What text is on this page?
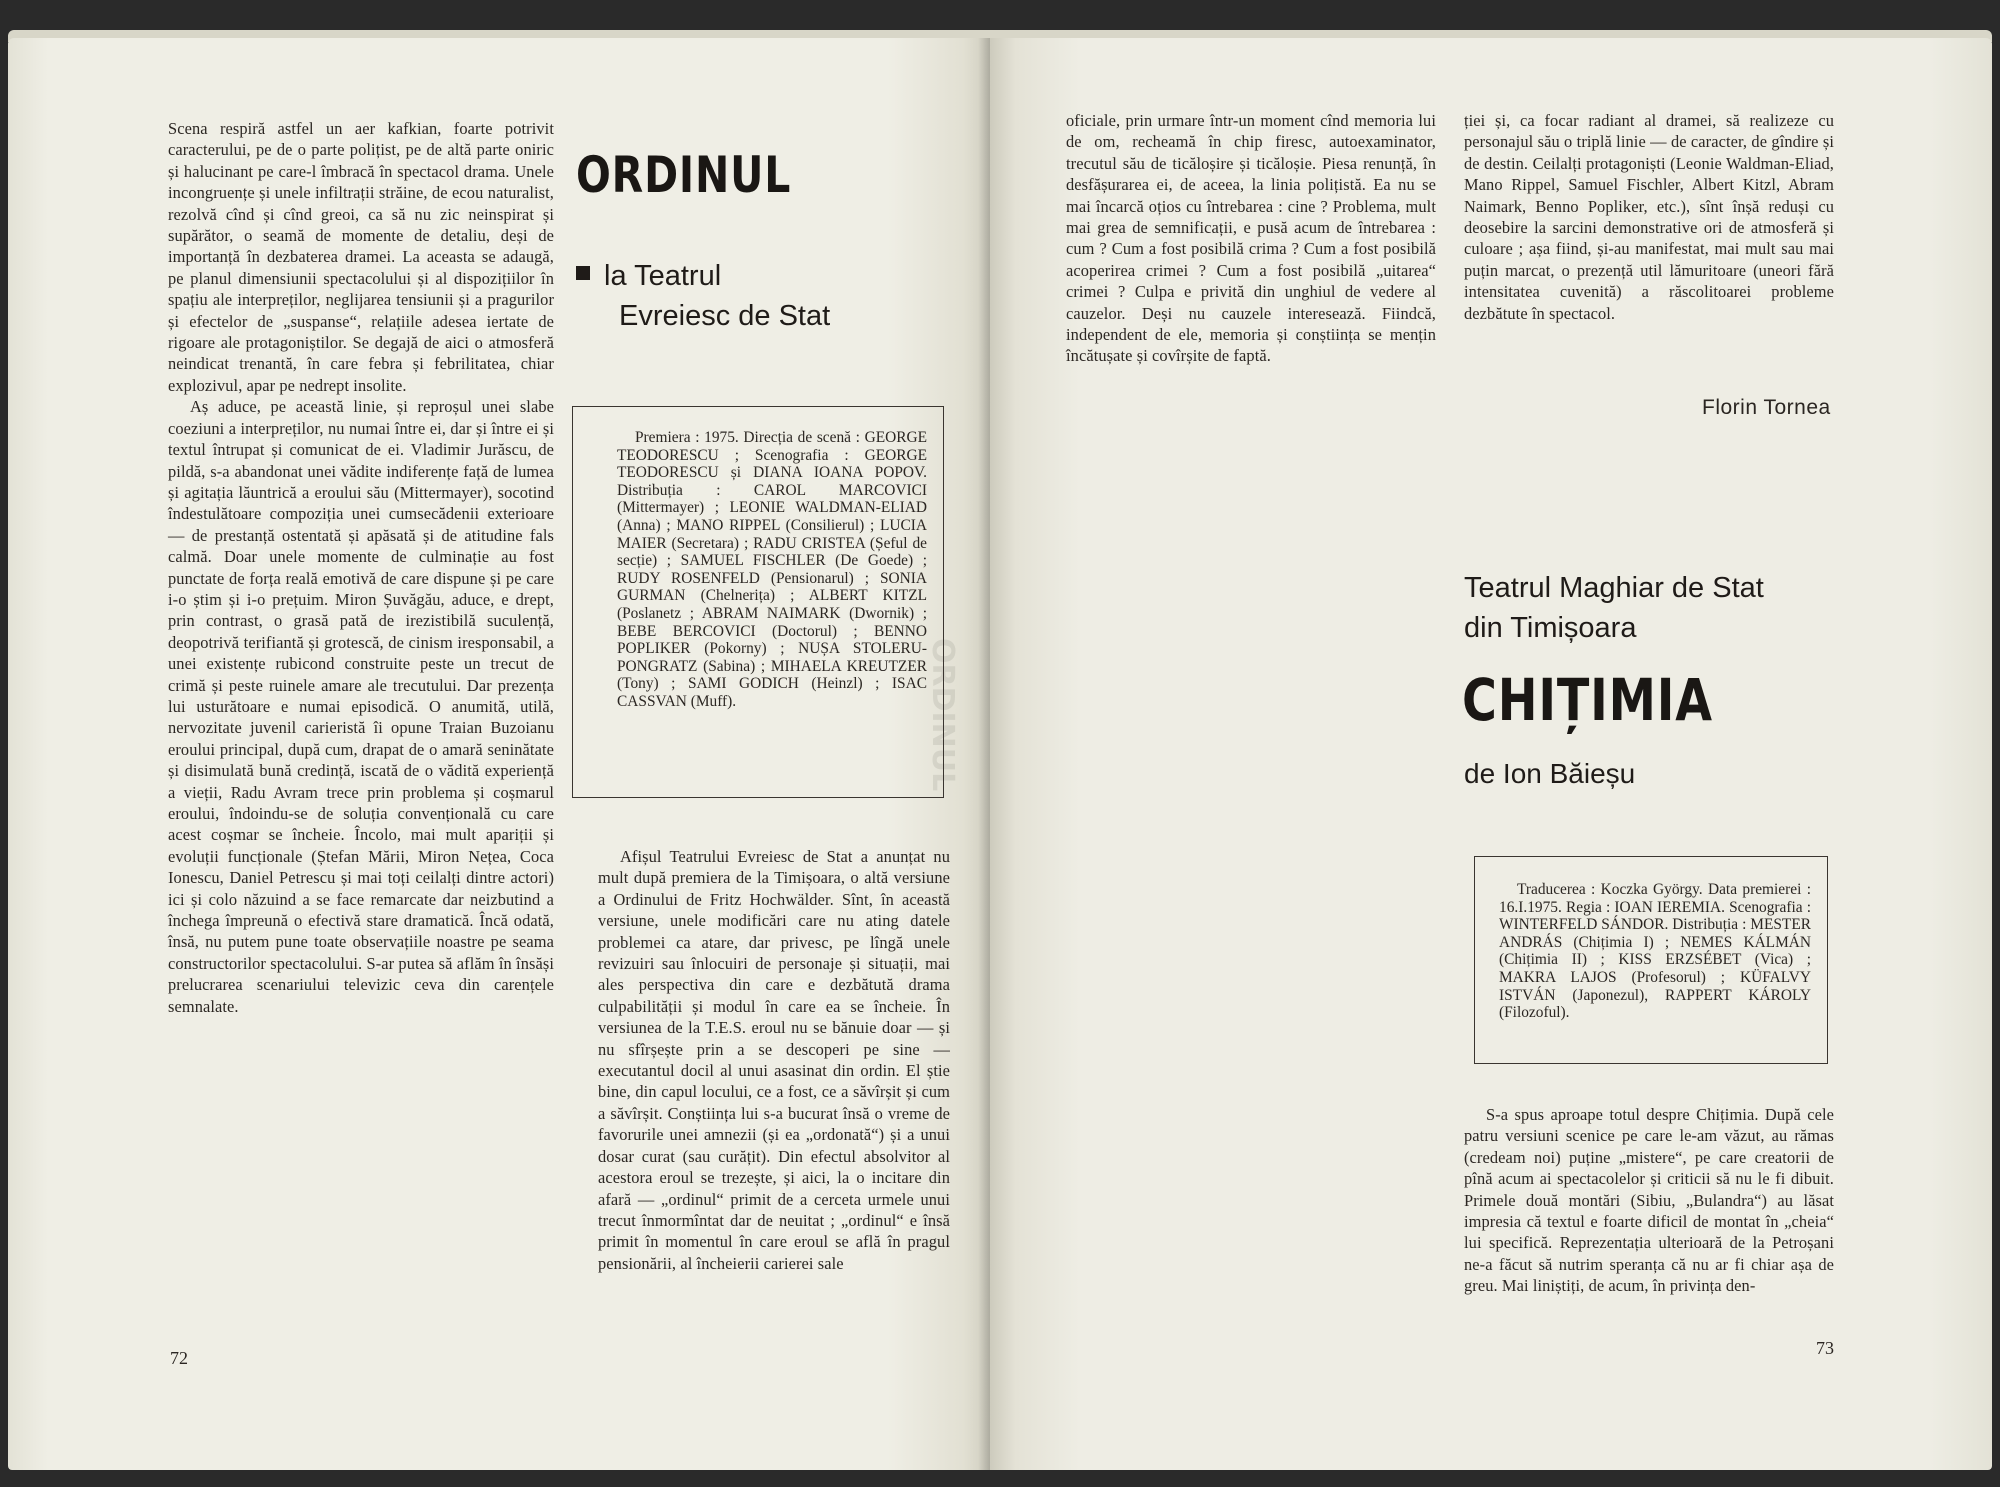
Scena respiră astfel un aer kafkian, foarte potrivit caracterului, pe de o parte polițist, pe de altă parte oniric și halucinant pe care-l îmbracă în spectacol drama. Unele incongruențe și unele infiltrații străine, de ecou naturalist, rezolvă cînd și cînd greoi, ca să nu zic neinspirat și supărător, o seamă de momente de detaliu, deși de importanță în dezbaterea dramei. La aceasta se adaugă, pe planul dimensiunii spectacolului și al dispozițiilor în spațiu ale interpreților, neglijarea tensiunii și a pragurilor și efectelor de „suspanse“, relațiile adesea iertate de rigoare ale protagoniștilor. Se degajă de aici o atmosferă neindicat trenantă, în care febra și febrilitatea, chiar explozivul, apar pe nedrept insolite.

Aș aduce, pe această linie, și reproșul unei slabe coeziuni a interpreților, nu numai între ei, dar și între ei și textul întrupat și comunicat de ei. Vladimir Jurăscu, de pildă, s-a abandonat unei vădite indiferențe față de lumea și agitația lăuntrică a eroului său (Mittermayer), socotind îndestulătoare compoziția unei cumsecădenii exterioare — de prestanță ostentată și apăsată și de atitudine fals calmă. Doar unele momente de culminație au fost punctate de forța reală emotivă de care dispune și pe care i-o știm și i-o prețuim. Miron Șuvăgău, aduce, e drept, prin contrast, o grasă pată de irezistibilă suculență, deopotrivă terifiantă și grotescă, de cinism iresponsabil, a unei existențe rubicond construite peste un trecut de crimă și peste ruinele amare ale trecutului. Dar prezența lui usturătoare e numai episodică. O anumită, utilă, nervozitate juvenil carieristă îi opune Traian Buzoianu eroului principal, după cum, drapat de o amară seninătate și disimulată bună credință, iscată de o vădită experiență a vieții, Radu Avram trece prin problema și coșmarul eroului, îndoindu-se de soluția convențională cu care acest coșmar se încheie. Încolo, mai mult apariții și evoluții funcționale (Ștefan Mării, Miron Nețea, Coca Ionescu, Daniel Petrescu și mai toți ceilalți dintre actori) ici și colo năzuind a se face remarcate dar neizbutind a închega împreună o efectivă stare dramatică. Încă odată, însă, nu putem pune toate observațiile noastre pe seama constructorilor spectacolului. S-ar putea să aflăm în însăși prelucrarea scenariului televizic ceva din carențele semnalate.

ORDINUL
la Teatrul
Evreiesc de Stat

Premiera : 1975. Direcția de scenă : GEORGE TEODORESCU ; Scenografia : GEORGE TEODORESCU și DIANA IOANA POPOV. Distribuția : CAROL MARCOVICI (Mittermayer) ; LEONIE WALDMAN-ELIAD (Anna) ; MANO RIPPEL (Consilierul) ; LUCIA MAIER (Secretara) ; RADU CRISTEA (Șeful de secție) ; SAMUEL FISCHLER (De Goede) ; RUDY ROSENFELD (Pensionarul) ; SONIA GURMAN (Chelnerița) ; ALBERT KITZL (Poslanetz ; ABRAM NAIMARK (Dwornik) ; BEBE BERCOVICI (Doctorul) ; BENNO POPLIKER (Pokorny) ; NUȘA STOLERU-PONGRATZ (Sabina) ; MIHAELA KREUTZER (Tony) ; SAMI GODICH (Heinzl) ; ISAC CASSVAN (Muff).	ORDINUL

Afișul Teatrului Evreiesc de Stat a anunțat nu mult după premiera de la Timișoara, o altă versiune a Ordinului de Fritz Hochwälder. Sînt, în această versiune, unele modificări care nu ating datele problemei ca atare, dar privesc, pe lîngă unele revizuiri sau înlocuiri de personaje și situații, mai ales perspectiva din care e dezbătută drama culpabilității și modul în care ea se încheie. În versiunea de la T.E.S. eroul nu se bănuie doar — și nu sfîrșește prin a se descoperi pe sine — executantul docil al unui asasinat din ordin. El știe bine, din capul locului, ce a fost, ce a săvîrșit și cum a săvîrșit. Conștiința lui s-a bucurat însă o vreme de favorurile unei amnezii (și ea „ordonată“) și a unui dosar curat (sau curățit). Din efectul absolvitor al acestora eroul se trezește, și aici, la o incitare din afară — „ordinul“ primit de a cerceta urmele unui trecut înmormîntat dar de neuitat ; „ordinul“ e însă primit în momentul în care eroul se află în pragul pensionării, al încheierii carierei sale

72

oficiale, prin urmare într-un moment cînd memoria lui de om, recheamă în chip firesc, autoexaminator, trecutul său de ticăloșire și ticăloșie. Piesa renunță, în desfășurarea ei, de aceea, la linia polițistă. Ea nu se mai încarcă oțios cu întrebarea : cine ? Problema, mult mai grea de semnificații, e pusă acum de întrebarea : cum ? Cum a fost posibilă crima ? Cum a fost posibilă acoperirea crimei ? Cum a fost posibilă „uitarea“ crimei ? Culpa e privită din unghiul de vedere al cauzelor. Deși nu cauzele interesează. Fiindcă, independent de ele, memoria și conștiința se mențin încătușate și covîrșite de faptă.

ției și, ca focar radiant al dramei, să realizeze cu personajul său o triplă linie — de caracter, de gîndire și de destin. Ceilalți protagoniști (Leonie Waldman-Eliad, Mano Rippel, Samuel Fischler, Albert Kitzl, Abram Naimark, Benno Popliker, etc.), sînt înșă reduși cu deosebire la sarcini demonstrative ori de atmosferă și culoare ; așa fiind, și-au manifestat, mai mult sau mai puțin marcat, o prezență util lămuritoare (uneori fără intensitatea cuvenită) a răscolitoarei probleme dezbătute în spectacol.

Florin Tornea
Teatrul Maghiar de Stat
din Timișoara
CHIȚIMIA
de Ion Băieșu

Traducerea : Koczka György. Data premierei : 16.I.1975. Regia : IOAN IEREMIA. Scenografia : WINTERFELD SÁNDOR. Distribuția : MESTER ANDRÁS (Chițimia I) ; NEMES KÁLMÁN (Chițimia II) ; KISS ERZSÉBET (Vica) ; MAKRA LAJOS (Profesorul) ; KÜFALVY ISTVÁN (Japonezul), RAPPERT KÁROLY (Filozoful).

S-a spus aproape totul despre Chițimia. După cele patru versiuni scenice pe care le-am văzut, au rămas (credeam noi) puține „mistere“, pe care creatorii de pînă acum ai spectacolelor și criticii să nu le fi dibuit. Primele două montări (Sibiu, „Bulandra“) au lăsat impresia că textul e foarte dificil de montat în „cheia“ lui specifică. Reprezentația ulterioară de la Petroșani ne-a făcut să nutrim speranța că nu ar fi chiar așa de greu. Mai liniștiți, de acum, în privința den-

73
